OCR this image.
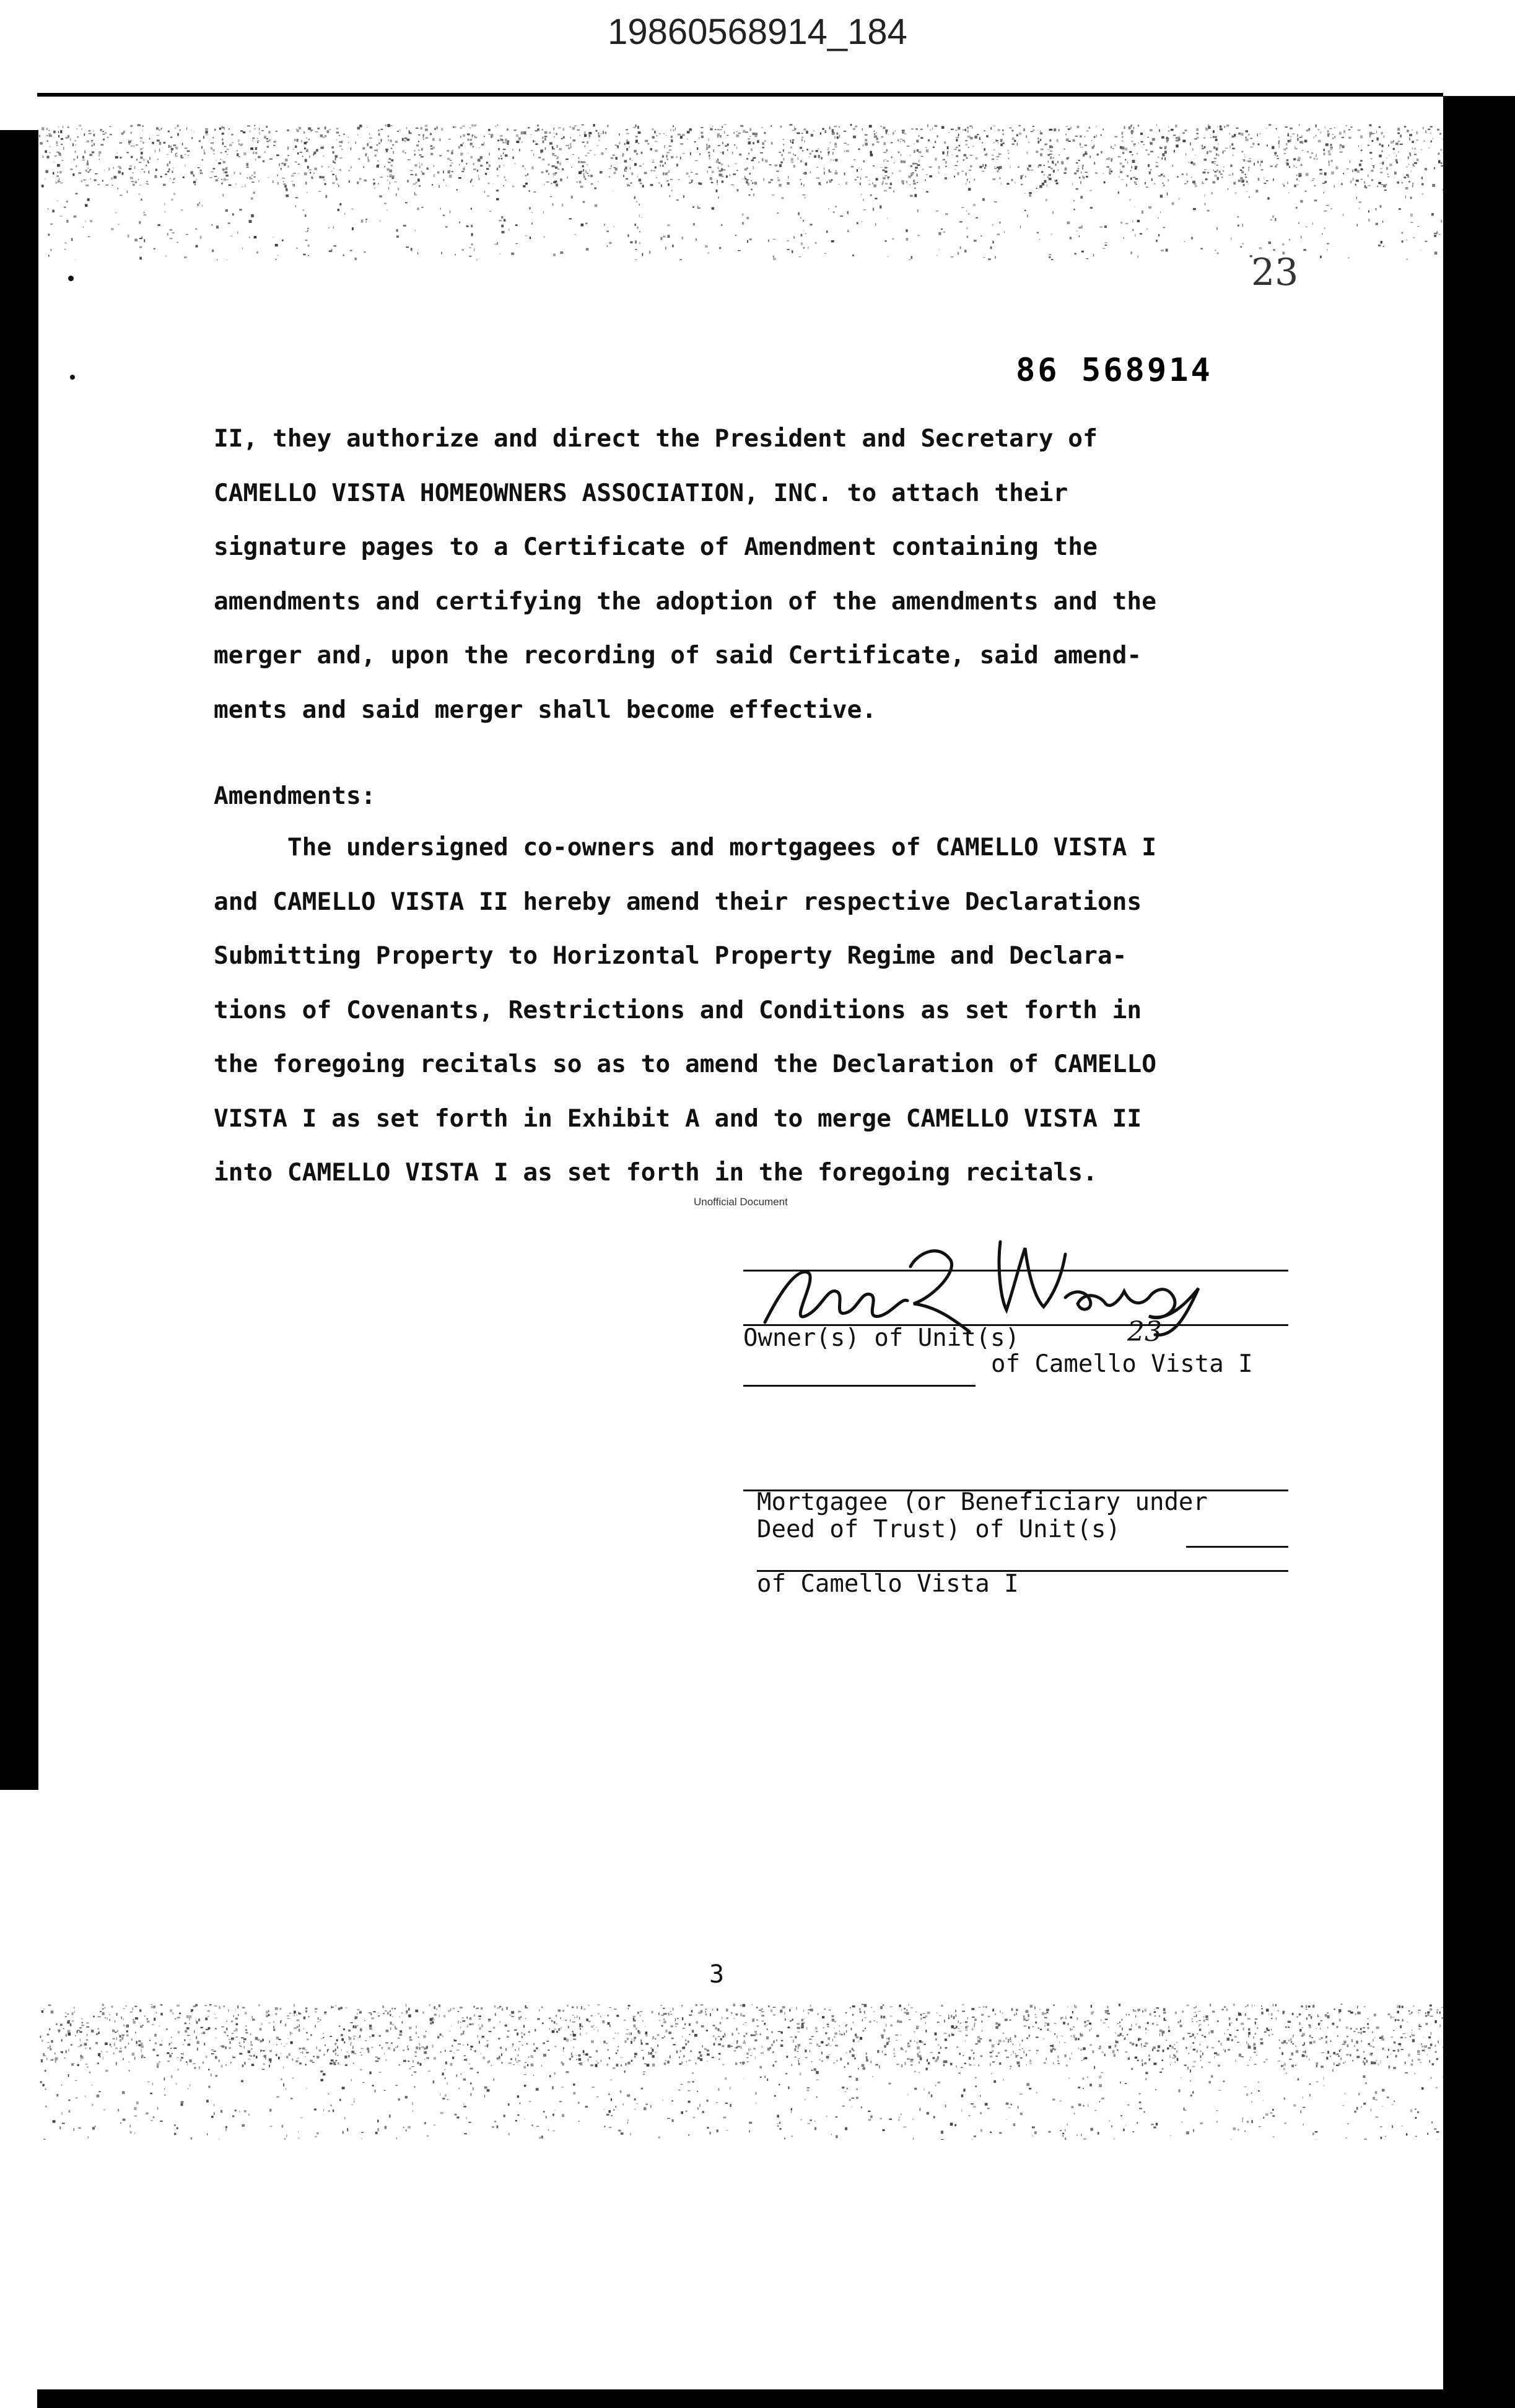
19860568914_184
23
86 568914
II, they authorize and direct the President and Secretary of
CAMELLO VISTA HOMEOWNERS ASSOCIATION, INC. to attach their
signature pages to a Certificate of Amendment containing the
amendments and certifying the adoption of the amendments and the
merger and, upon the recording of said Certificate, said amend-
ments and said merger shall become effective.
Amendments:
The undersigned co-owners and mortgagees of CAMELLO VISTA I
and CAMELLO VISTA II hereby amend their respective Declarations
Submitting Property to Horizontal Property Regime and Declara-
tions of Covenants, Restrictions and Conditions as set forth in
the foregoing recitals so as to amend the Declaration of CAMELLO
VISTA I as set forth in Exhibit A and to merge CAMELLO VISTA II
into CAMELLO VISTA I as set forth in the foregoing recitals.
Unofficial Document
Owner(s) of Unit(s)	23
of Camello Vista I
Mortgagee (or Beneficiary under
Deed of Trust) of Unit(s)
of Camello Vista I
3
